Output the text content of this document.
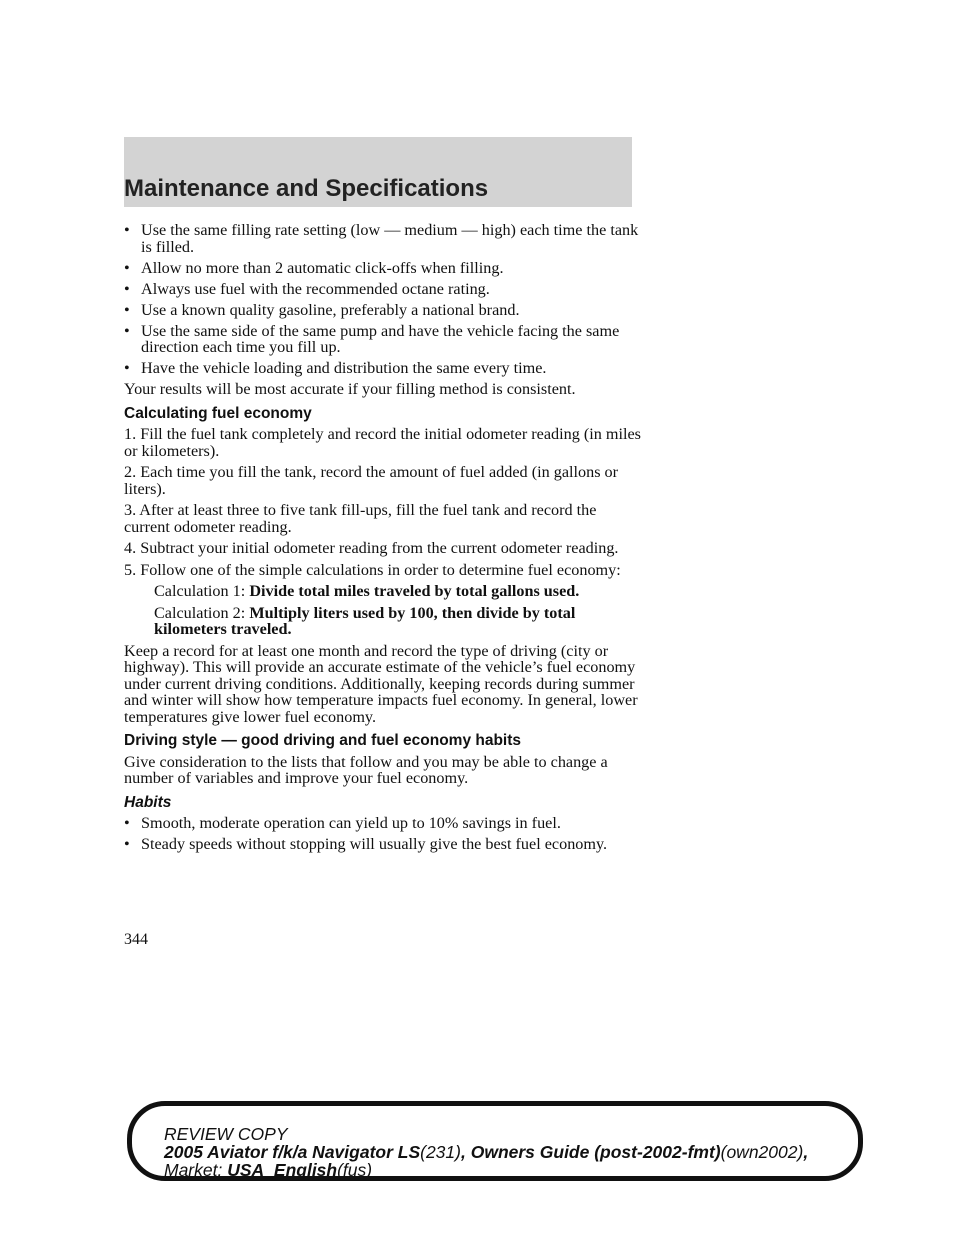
Maintenance and Specifications
• Use the same filling rate setting (low — medium — high) each time the tank is filled.
• Allow no more than 2 automatic click-offs when filling.
• Always use fuel with the recommended octane rating.
• Use a known quality gasoline, preferably a national brand.
• Use the same side of the same pump and have the vehicle facing the same direction each time you fill up.
• Have the vehicle loading and distribution the same every time.
Your results will be most accurate if your filling method is consistent.
Calculating fuel economy
1. Fill the fuel tank completely and record the initial odometer reading (in miles or kilometers).
2. Each time you fill the tank, record the amount of fuel added (in gallons or liters).
3. After at least three to five tank fill-ups, fill the fuel tank and record the current odometer reading.
4. Subtract your initial odometer reading from the current odometer reading.
5. Follow one of the simple calculations in order to determine fuel economy:
Calculation 1: Divide total miles traveled by total gallons used.
Calculation 2: Multiply liters used by 100, then divide by total kilometers traveled.
Keep a record for at least one month and record the type of driving (city or highway). This will provide an accurate estimate of the vehicle’s fuel economy under current driving conditions. Additionally, keeping records during summer and winter will show how temperature impacts fuel economy. In general, lower temperatures give lower fuel economy.
Driving style — good driving and fuel economy habits
Give consideration to the lists that follow and you may be able to change a number of variables and improve your fuel economy.
Habits
• Smooth, moderate operation can yield up to 10% savings in fuel.
• Steady speeds without stopping will usually give the best fuel economy.
344
REVIEW COPY
2005 Aviator f/k/a Navigator LS(231), Owners Guide (post-2002-fmt)(own2002),
Market: USA_English(fus)
